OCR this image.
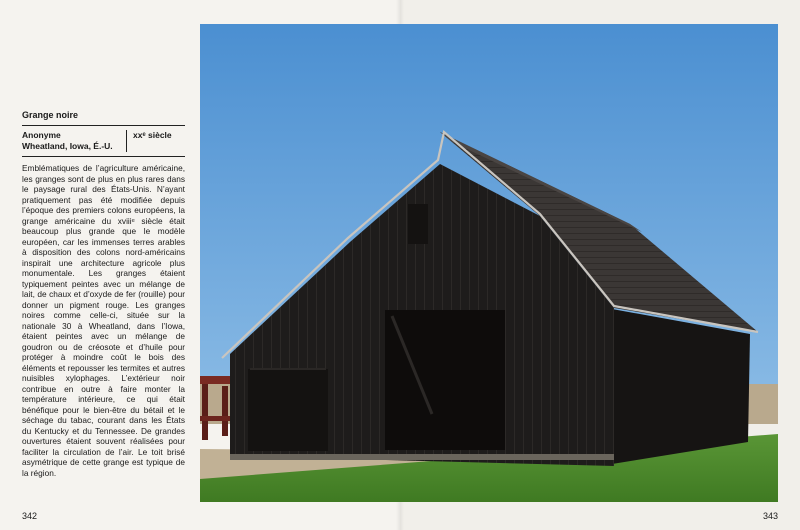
Grange noire
Anonyme
Wheatland, Iowa, É.-U.
xxᵉ siècle

Emblématiques de l’agriculture américaine, les granges sont de plus en plus rares dans le paysage rural des États-Unis. N’ayant pratiquement pas été modifiée depuis l’époque des premiers colons européens, la grange américaine du xviiiᵉ siècle était beaucoup plus grande que le modèle européen, car les immenses terres arables à disposition des colons nord-américains inspirait une architecture agricole plus monumentale. Les granges étaient typiquement peintes avec un mélange de lait, de chaux et d’oxyde de fer (rouille) pour donner un pigment rouge. Les granges noires comme celle-ci, située sur la nationale 30 à Wheatland, dans l’Iowa, étaient peintes avec un mélange de goudron ou de créosote et d’huile pour protéger à moindre coût le bois des éléments et repousser les termites et autres nuisibles xylophages. L’extérieur noir contribue en outre à faire monter la température intérieure, ce qui était bénéfique pour le bien-être du bétail et le séchage du tabac, courant dans les États du Kentucky et du Tennessee. De grandes ouvertures étaient souvent réalisées pour faciliter la circulation de l’air. Le toit brisé asymétrique de cette grange est typique de la région.

342	343
